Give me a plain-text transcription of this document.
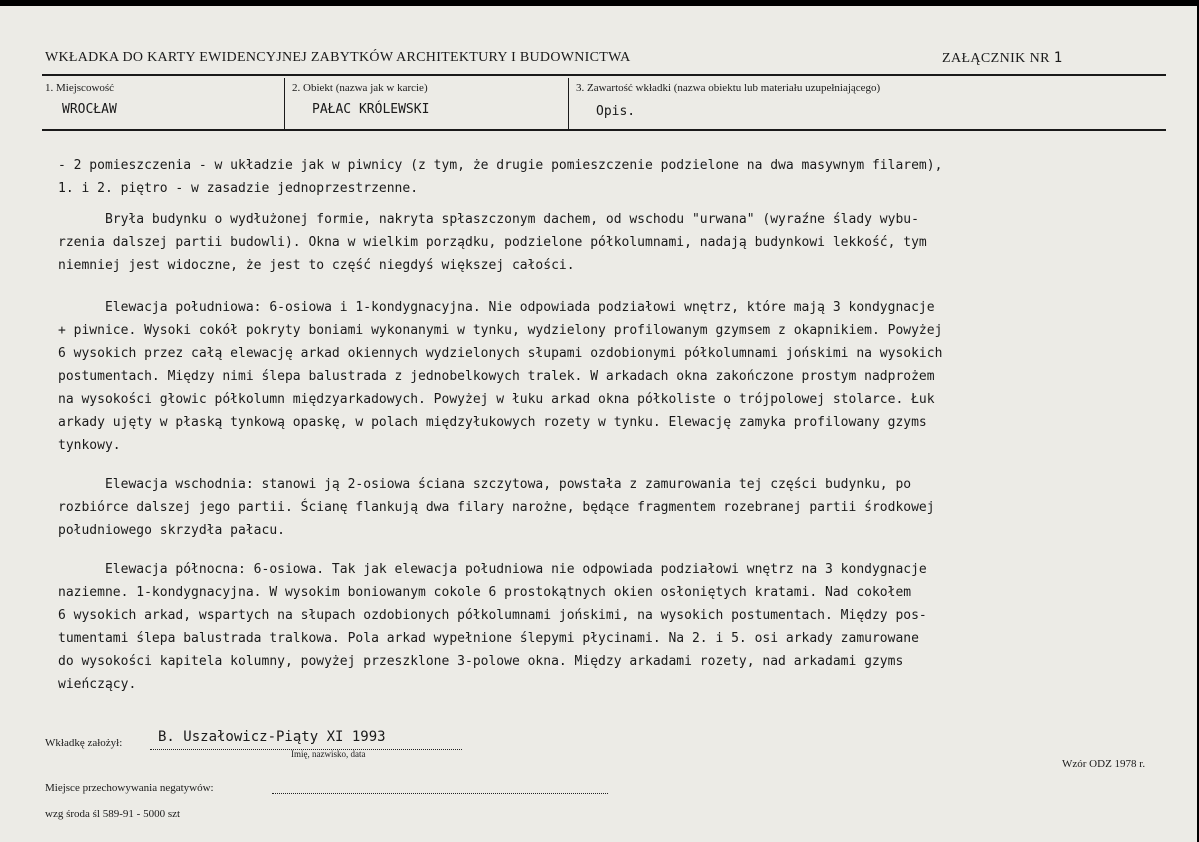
WKŁADKA DO KARTY EWIDENCYJNEJ ZABYTKÓW ARCHITEKTURY I BUDOWNICTWA	ZAŁĄCZNIK NR 1
1. Miejscowość
WROCŁAW
2. Obiekt (nazwa jak w karcie)
PAŁAC KRÓLEWSKI
3. Zawartość wkładki (nazwa obiektu lub materiału uzupełniającego)
Opis.
- 2 pomieszczenia - w układzie jak w piwnicy (z tym, że drugie pomieszczenie podzielone na dwa masywnym filarem),
1. i 2. piętro - w zasadzie jednoprzestrzenne.
Bryła budynku o wydłużonej formie, nakryta spłaszczonym dachem, od wschodu "urwana" (wyraźne ślady wybu-
rzenia dalszej partii budowli). Okna w wielkim porządku, podzielone półkolumnami, nadają budynkowi lekkość, tym
niemniej jest widoczne, że jest to część niegdyś większej całości.
Elewacja południowa: 6-osiowa i 1-kondygnacyjna. Nie odpowiada podziałowi wnętrz, które mają 3 kondygnacje
+ piwnice. Wysoki cokół pokryty boniami wykonanymi w tynku, wydzielony profilowanym gzymsem z okapnikiem. Powyżej
6 wysokich przez całą elewację arkad okiennych wydzielonych słupami ozdobionymi półkolumnami jońskimi na wysokich
postumentach. Między nimi ślepa balustrada z jednobelkowych tralek. W arkadach okna zakończone prostym nadprożem
na wysokości głowic półkolumn międzyarkadowych. Powyżej w łuku arkad okna półkoliste o trójpolowej stolarce. Łuk
arkady ujęty w płaską tynkową opaskę, w polach międzyłukowych rozety w tynku. Elewację zamyka profilowany gzyms
tynkowy.
Elewacja wschodnia: stanowi ją 2-osiowa ściana szczytowa, powstała z zamurowania tej części budynku, po
rozbiórce dalszej jego partii. Ścianę flankują dwa filary narożne, będące fragmentem rozebranej partii środkowej
południowego skrzydła pałacu.
Elewacja północna: 6-osiowa. Tak jak elewacja południowa nie odpowiada podziałowi wnętrz na 3 kondygnacje
naziemne. 1-kondygnacyjna. W wysokim boniowanym cokole 6 prostokątnych okien osłoniętych kratami. Nad cokołem
6 wysokich arkad, wspartych na słupach ozdobionych półkolumnami jońskimi, na wysokich postumentach. Między pos-
tumentami ślepa balustrada tralkowa. Pola arkad wypełnione ślepymi płycinami. Na 2. i 5. osi arkady zamurowane
do wysokości kapitela kolumny, powyżej przeszklone 3-polowe okna. Między arkadami rozety, nad arkadami gzyms
wieńczący.
Wkładkę założył:	B. Uszałowicz-Piąty XI 1993
Imię, nazwisko, data
Wzór ODZ 1978 r.
Miejsce przechowywania negatywów:
wzg środa śl 589-91 - 5000 szt
